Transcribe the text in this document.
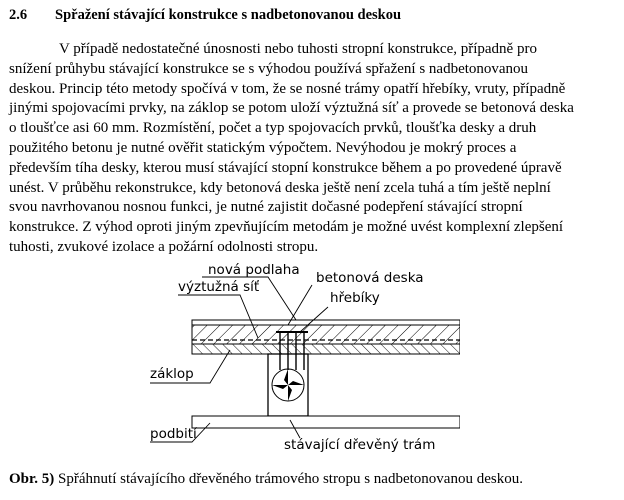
2.6 Spřažení stávající konstrukce s nadbetonovanou deskou
V případě nedostatečné únosnosti nebo tuhosti stropní konstrukce, případně pro
snížení průhybu stávající konstrukce se s výhodou používá spřažení s nadbetonovanou
deskou. Princip této metody spočívá v tom, že se nosné trámy opatří hřebíky, vruty, případně
jinými spojovacími prvky, na záklop se potom uloží výztužná síť a provede se betonová deska
o tloušťce asi 60 mm. Rozmístění, počet a typ spojovacích prvků, tloušťka desky a druh
použitého betonu je nutné ověřit statickým výpočtem. Nevýhodou je mokrý proces a
především tíha desky, kterou musí stávající stopní konstrukce během a po provedené úpravě
unést. V průběhu rekonstrukce, kdy betonová deska ještě není zcela tuhá a tím ještě neplní
svou navrhovanou nosnou funkci, je nutné zajistit dočasné podepření stávající stropní
konstrukce. Z výhod oproti jiným zpevňujícím metodám je možné uvést komplexní zlepšení
tuhosti, zvukové izolace a požární odolnosti stropu.
nová podlaha betonová deska
výztužná síť
hřebíky
záklop
podbití
stávající dřevěný trám
Obr. 5) Spřáhnutí stávajícího dřevěného trámového stropu s nadbetonovanou deskou.
